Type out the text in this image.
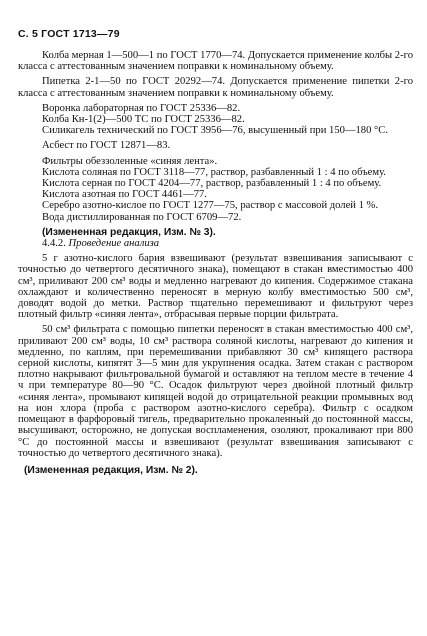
С. 5 ГОСТ 1713—79

Колба мерная 1—500—1 по ГОСТ 1770—74. Допускается применение колбы 2-го класса с аттестованным значением поправки к номинальному объему.

Пипетка 2-1—50 по ГОСТ 20292—74. Допускается применение пипетки 2-го класса с аттестованным значением поправки к номинальному объему.

Воронка лабораторная по ГОСТ 25336—82.

Колба Кн-1(2)—500 ТС по ГОСТ 25336—82.

Силикагель технический по ГОСТ 3956—76, высушенный при 150—180 °С.

Асбест по ГОСТ 12871—83.

Фильтры обеззоленные «синяя лента».

Кислота соляная по ГОСТ 3118—77, раствор, разбавленный 1 : 4 по объему.

Кислота серная по ГОСТ 4204—77, раствор, разбавленный 1 : 4 по объему.

Кислота азотная по ГОСТ 4461—77.

Серебро азотно-кислое по ГОСТ 1277—75, раствор с массовой долей 1 %.

Вода дистиллированная по ГОСТ 6709—72.

(Измененная редакция, Изм. № 3).

4.4.2. Проведение анализа

5 г азотно-кислого бария взвешивают (результат взвешивания записывают с точностью до четвертого десятичного знака), помещают в стакан вместимостью 400 см³, приливают 200 см³ воды и медленно нагревают до кипения. Содержимое стакана охлаждают и количественно переносят в мерную колбу вместимостью 500 см³, доводят водой до метки. Раствор тщательно перемешивают и фильтруют через плотный фильтр «синяя лента», отбрасывая первые порции фильтрата.

50 см³ фильтрата с помощью пипетки переносят в стакан вместимостью 400 см³, приливают 200 см³ воды, 10 см³ раствора соляной кислоты, нагревают до кипения и медленно, по каплям, при перемешивании прибавляют 30 см³ кипящего раствора серной кислоты, кипятят 3—5 мин для укрупнения осадка. Затем стакан с раствором плотно накрывают фильтровальной бумагой и оставляют на теплом месте в течение 4 ч при температуре 80—90 °С. Осадок фильтруют через двойной плотный фильтр «синяя лента», промывают кипящей водой до отрицательной реакции промывных вод на ион хлора (проба с раствором азотно-кислого серебра). Фильтр с осадком помещают в фарфоровый тигель, предварительно прокаленный до постоянной массы, высушивают, осторожно, не допуская воспламенения, озоляют, прокаливают при 800 °С до постоянной массы и взвешивают (результат взвешивания записывают с точностью до четвертого десятичного знака).

(Измененная редакция, Изм. № 2).
